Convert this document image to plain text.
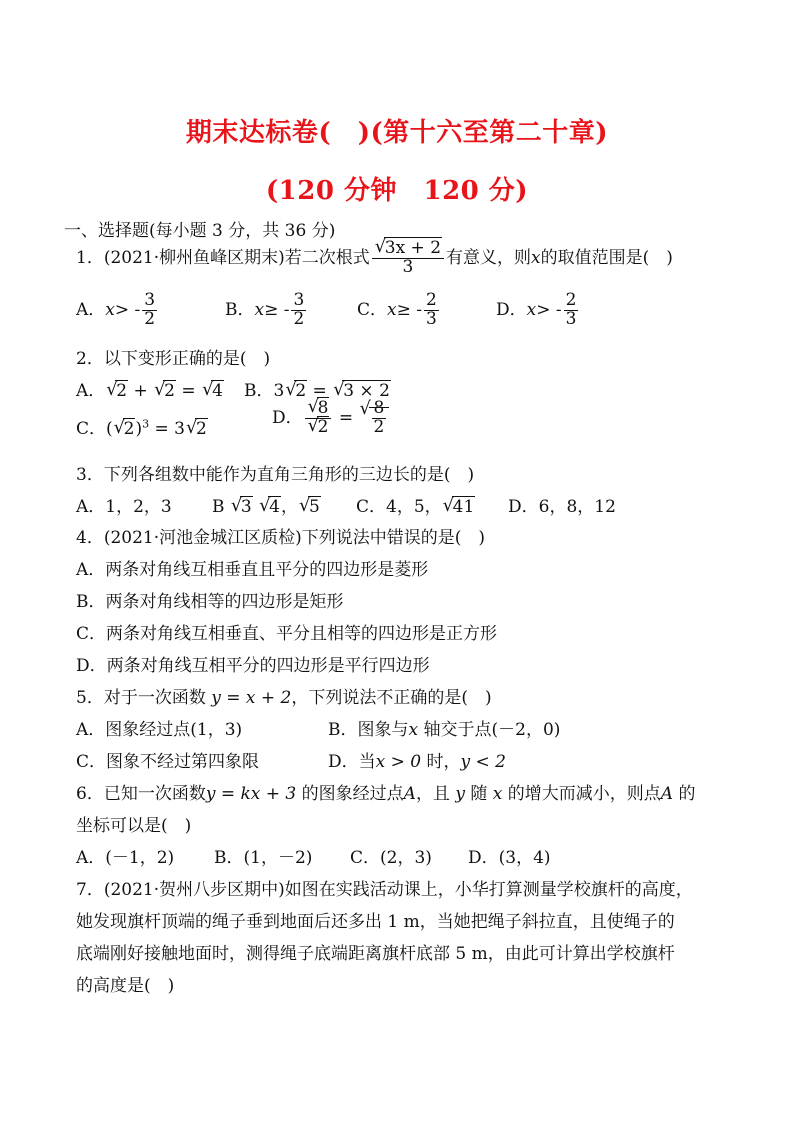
期末达标卷(　)(第十六至第二十章)
(120 分钟　120 分)
一、选择题(每小题 3 分，共 36 分)
1．(2021·柳州鱼峰区期末)若二次根式 √ $\frac{3x + 2}{3}$ 有意义，则x的取值范围是(　)
A．$x> - \frac{3}{2}$	B．$x\ge - \frac{3}{2}$	C．$x\ge - \frac{2}{3}$	D．$x> - \frac{2}{3}$
2．以下变形正确的是(　)
A． √ 2 + √ 2 = √ 4 B．3 √ 2 = √ 3 × 2
C．( √ 2)$^3$ = 3 √ 2
D． √ 8
√ 2 = √ $\frac{8}{2}$
3．下列各组数中能作为直角三角形的三边长的是(　)
A．1，2，3 B √ 3 √ 4， √ 5 C．4，5， √ 41 D．6，8，12
4．(2021·河池金城江区质检)下列说法中错误的是(　)
A．两条对角线互相垂直且平分的四边形是菱形
B．两条对角线相等的四边形是矩形
C．两条对角线互相垂直、平分且相等的四边形是正方形
D．两条对角线互相平分的四边形是平行四边形
5．对于一次函数 y = x + 2，下列说法不正确的是(　)
A．图象经过点(1，3)	B．图象与x 轴交于点(－2，0)
C．图象不经过第四象限	D．当x > 0 时，y < 2
6．已知一次函数y = kx + 3 的图象经过点A，且 y 随 x 的增大而减小，则点A 的
坐标可以是(　)
A．(－1，2) B．(1，－2) C．(2，3) D．(3，4)
7．(2021·贺州八步区期中)如图在实践活动课上，小华打算测量学校旗杆的高度，
她发现旗杆顶端的绳子垂到地面后还多出 1 m，当她把绳子斜拉直，且使绳子的
底端刚好接触地面时，测得绳子底端距离旗杆底部 5 m，由此可计算出学校旗杆
的高度是(　)
